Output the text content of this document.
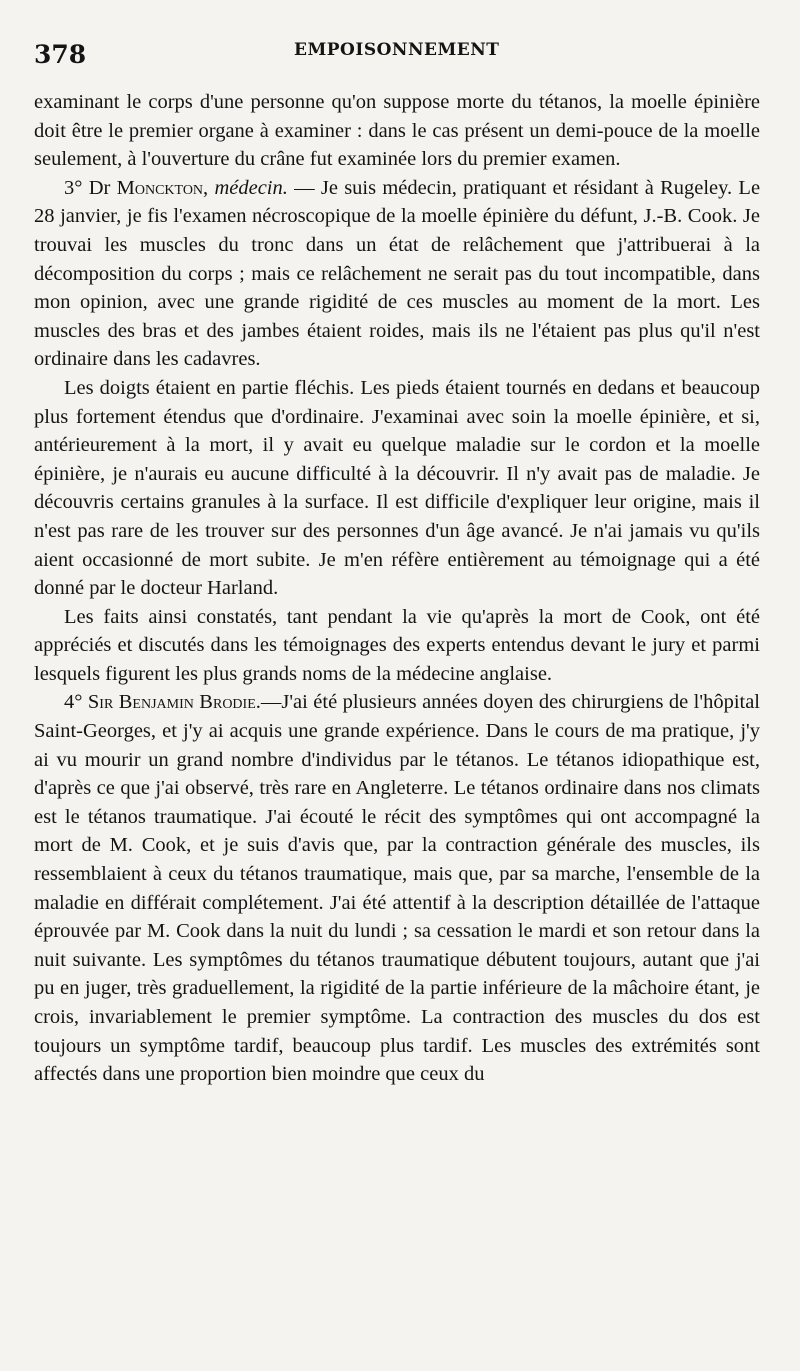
378	EMPOISONNEMENT

examinant le corps d'une personne qu'on suppose morte du tétanos, la moelle épinière doit être le premier organe à examiner : dans le cas présent un demi-pouce de la moelle seulement, à l'ouverture du crâne fut examinée lors du premier examen.

3° Dr Monckton, médecin. — Je suis médecin, pratiquant et résidant à Rugeley. Le 28 janvier, je fis l'examen nécroscopique de la moelle épinière du défunt, J.-B. Cook. Je trouvai les muscles du tronc dans un état de relâchement que j'attribuerai à la décomposition du corps ; mais ce relâchement ne serait pas du tout incompatible, dans mon opinion, avec une grande rigidité de ces muscles au moment de la mort. Les muscles des bras et des jambes étaient roides, mais ils ne l'étaient pas plus qu'il n'est ordinaire dans les cadavres.

Les doigts étaient en partie fléchis. Les pieds étaient tournés en dedans et beaucoup plus fortement étendus que d'ordinaire. J'examinai avec soin la moelle épinière, et si, antérieurement à la mort, il y avait eu quelque maladie sur le cordon et la moelle épinière, je n'aurais eu aucune difficulté à la découvrir. Il n'y avait pas de maladie. Je découvris certains granules à la surface. Il est difficile d'expliquer leur origine, mais il n'est pas rare de les trouver sur des personnes d'un âge avancé. Je n'ai jamais vu qu'ils aient occasionné de mort subite. Je m'en réfère entièrement au témoignage qui a été donné par le docteur Harland.

Les faits ainsi constatés, tant pendant la vie qu'après la mort de Cook, ont été appréciés et discutés dans les témoignages des experts entendus devant le jury et parmi lesquels figurent les plus grands noms de la médecine anglaise.

4° Sir Benjamin Brodie.—J'ai été plusieurs années doyen des chirurgiens de l'hôpital Saint-Georges, et j'y ai acquis une grande expérience. Dans le cours de ma pratique, j'y ai vu mourir un grand nombre d'individus par le tétanos. Le tétanos idiopathique est, d'après ce que j'ai observé, très rare en Angleterre. Le tétanos ordinaire dans nos climats est le tétanos traumatique. J'ai écouté le récit des symptômes qui ont accompagné la mort de M. Cook, et je suis d'avis que, par la contraction générale des muscles, ils ressemblaient à ceux du tétanos traumatique, mais que, par sa marche, l'ensemble de la maladie en différait complétement. J'ai été attentif à la description détaillée de l'attaque éprouvée par M. Cook dans la nuit du lundi ; sa cessation le mardi et son retour dans la nuit suivante. Les symptômes du tétanos traumatique débutent toujours, autant que j'ai pu en juger, très graduellement, la rigidité de la partie inférieure de la mâchoire étant, je crois, invariablement le premier symptôme. La contraction des muscles du dos est toujours un symptôme tardif, beaucoup plus tardif. Les muscles des extrémités sont affectés dans une proportion bien moindre que ceux du
